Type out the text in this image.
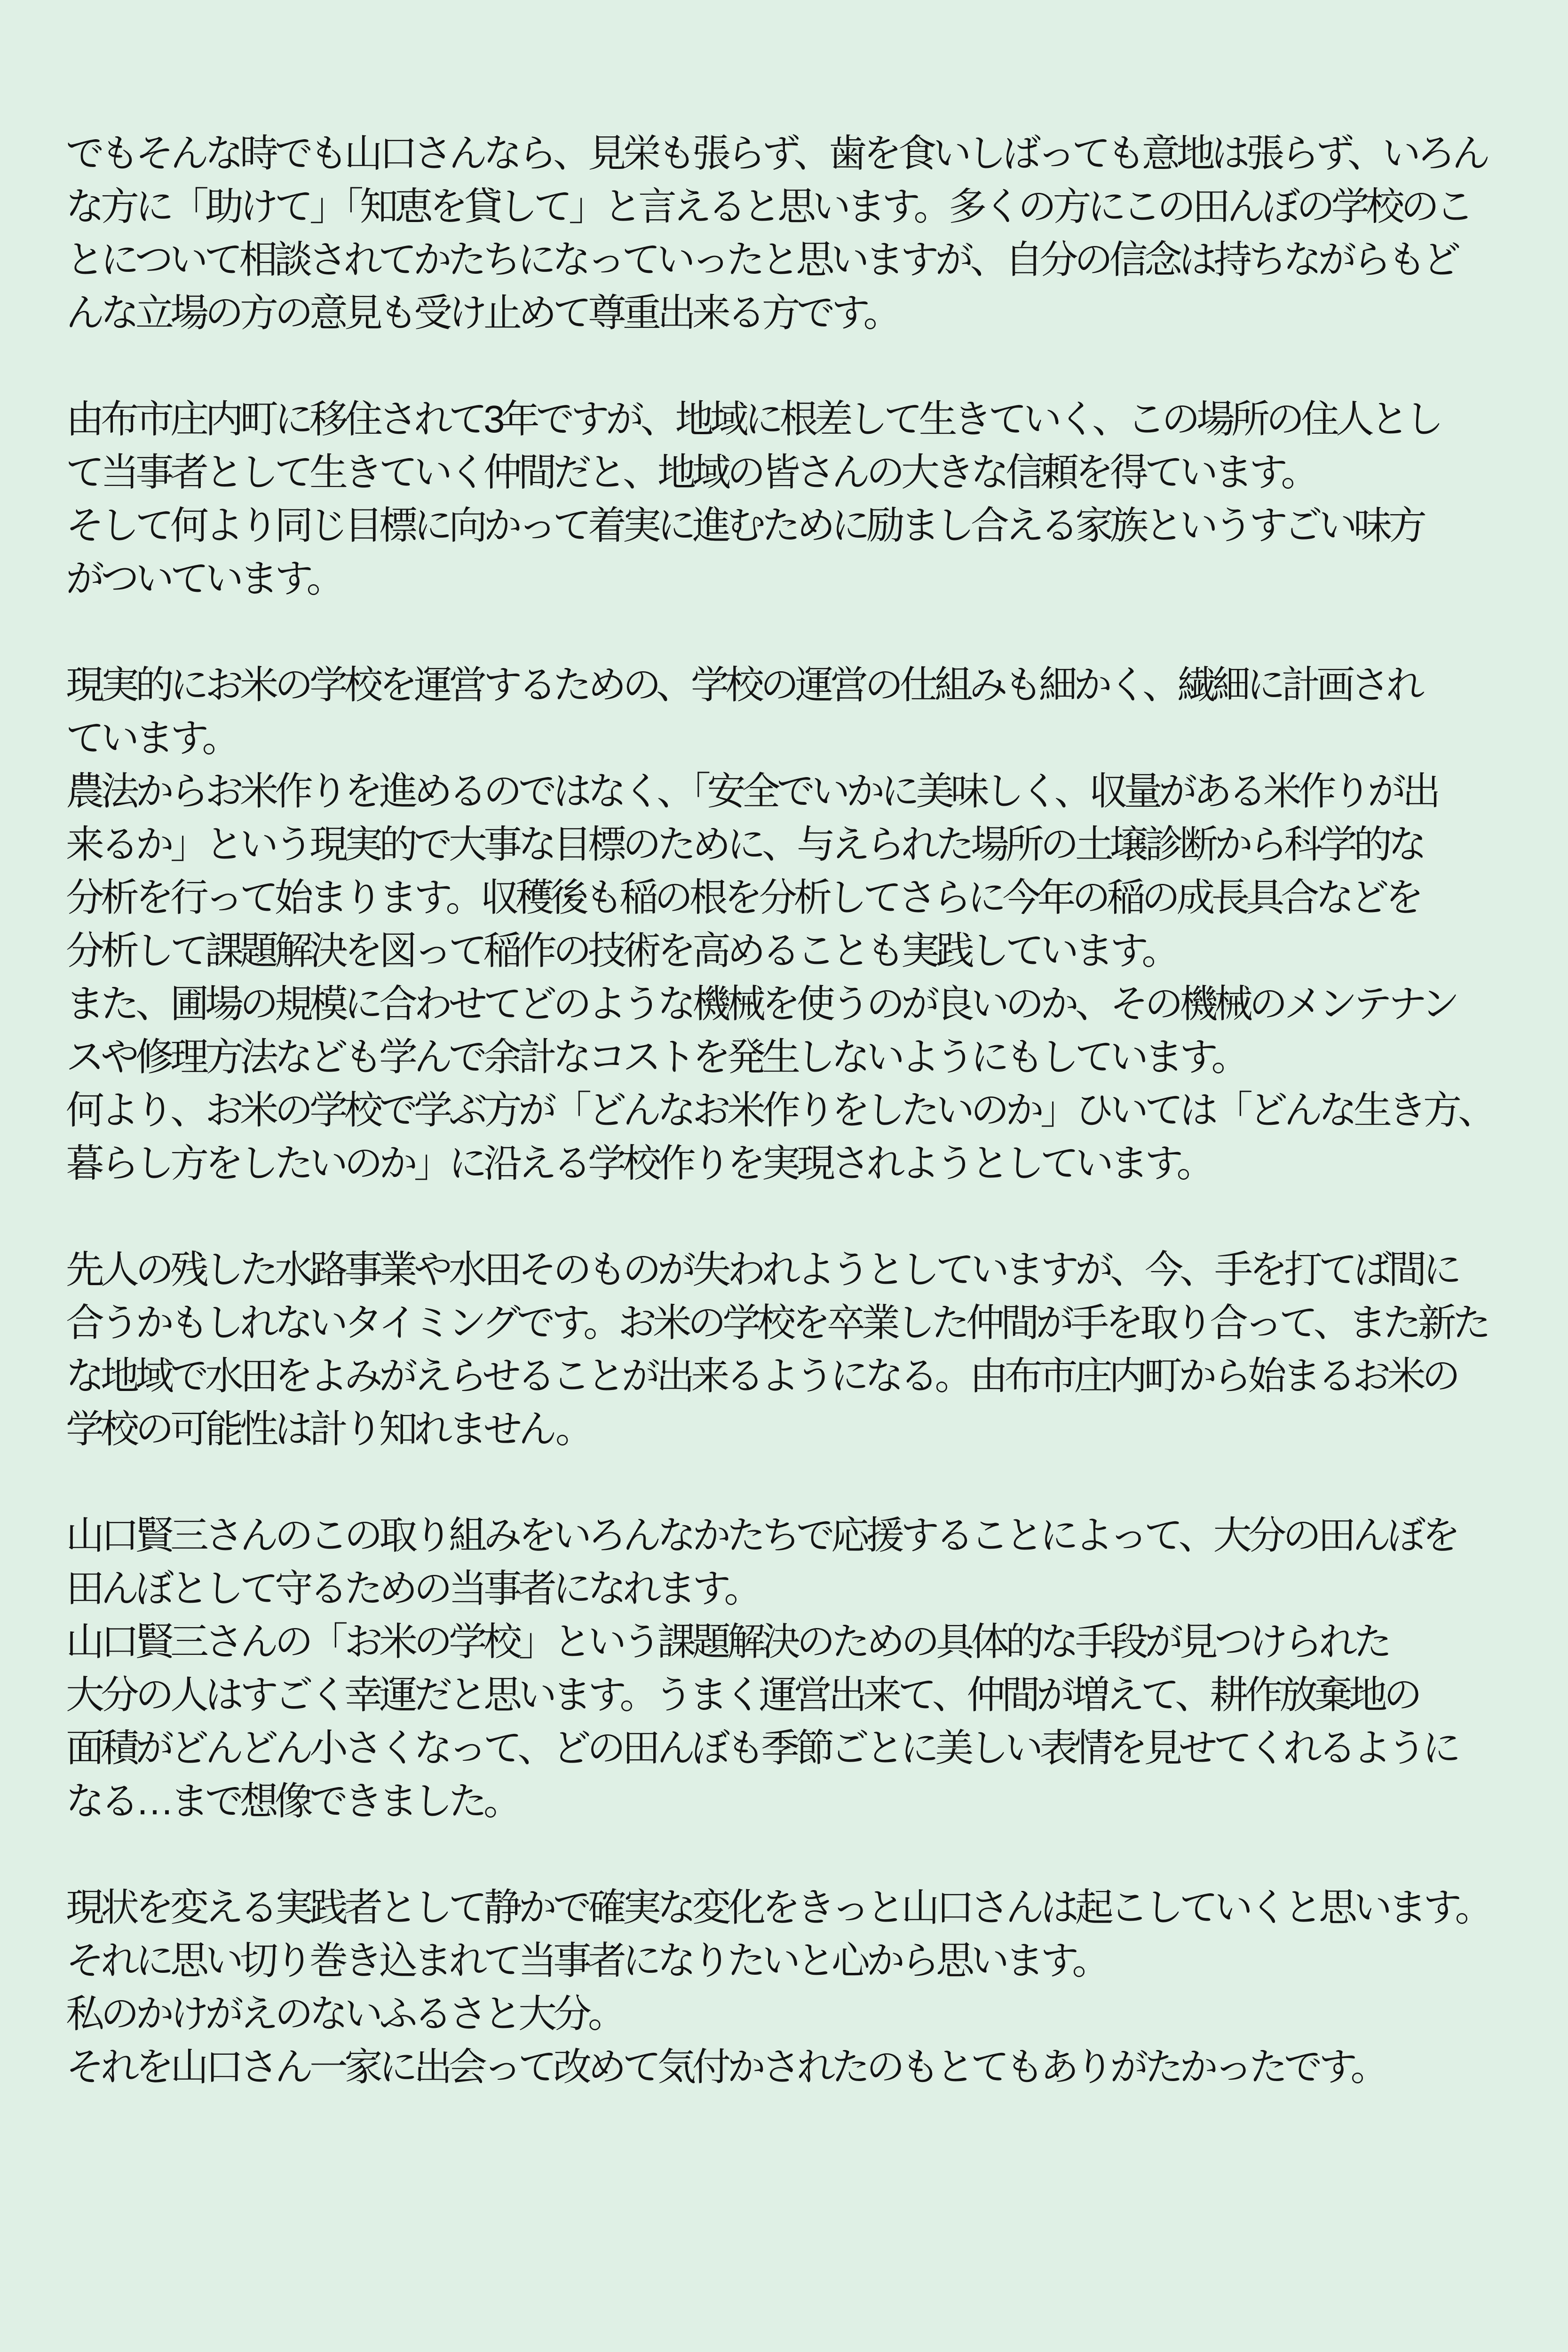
でもそんな時でも山口さんなら、見栄も張らず、歯を食いしばっても意地は張らず、いろん
な方に「助けて」「知恵を貸して」と言えると思います。多くの方にこの田んぼの学校のこ
とについて相談されてかたちになっていったと思いますが、自分の信念は持ちながらもど
んな立場の方の意見も受け止めて尊重出来る方です。
由布市庄内町に移住されて3年ですが、地域に根差して生きていく、この場所の住人とし
て当事者として生きていく仲間だと、地域の皆さんの大きな信頼を得ています。
そして何より同じ目標に向かって着実に進むために励まし合える家族というすごい味方
がついています。
現実的にお米の学校を運営するための、学校の運営の仕組みも細かく、繊細に計画され
ています。
農法からお米作りを進めるのではなく、「安全でいかに美味しく、収量がある米作りが出
来るか」という現実的で大事な目標のために、与えられた場所の土壌診断から科学的な
分析を行って始まります。収穫後も稲の根を分析してさらに今年の稲の成長具合などを
分析して課題解決を図って稲作の技術を高めることも実践しています。
また、圃場の規模に合わせてどのような機械を使うのが良いのか、その機械のメンテナン
スや修理方法なども学んで余計なコストを発生しないようにもしています。
何より、お米の学校で学ぶ方が「どんなお米作りをしたいのか」ひいては「どんな生き方、
暮らし方をしたいのか」に沿える学校作りを実現されようとしています。
先人の残した水路事業や水田そのものが失われようとしていますが、今、手を打てば間に
合うかもしれないタイミングです。お米の学校を卒業した仲間が手を取り合って、また新た
な地域で水田をよみがえらせることが出来るようになる。由布市庄内町から始まるお米の
学校の可能性は計り知れません。
山口賢三さんのこの取り組みをいろんなかたちで応援することによって、大分の田んぼを
田んぼとして守るための当事者になれます。
山口賢三さんの「お米の学校」という課題解決のための具体的な手段が見つけられた
大分の人はすごく幸運だと思います。うまく運営出来て、仲間が増えて、耕作放棄地の
面積がどんどん小さくなって、どの田んぼも季節ごとに美しい表情を見せてくれるように
なる…まで想像できました。
現状を変える実践者として静かで確実な変化をきっと山口さんは起こしていくと思います。
それに思い切り巻き込まれて当事者になりたいと心から思います。
私のかけがえのないふるさと大分。
それを山口さん一家に出会って改めて気付かされたのもとてもありがたかったです。
